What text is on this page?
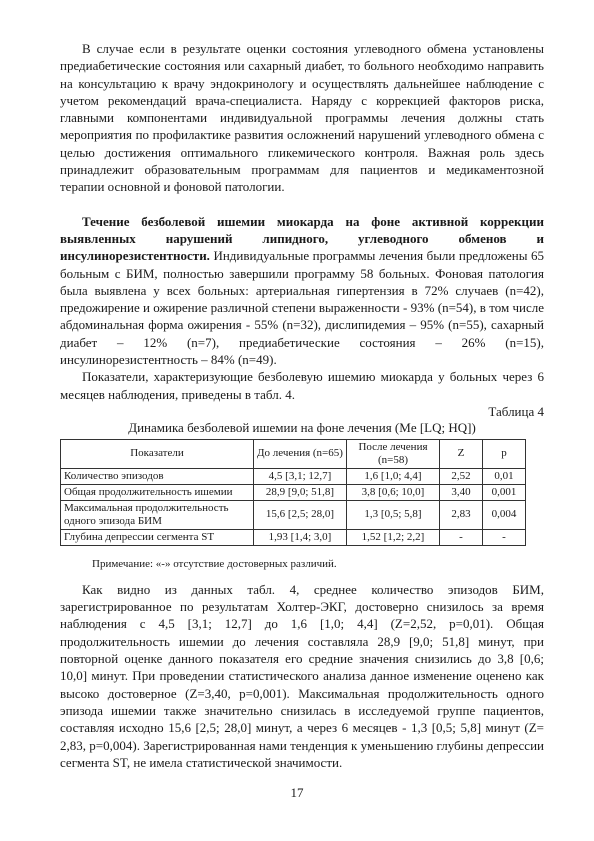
В случае если в результате оценки состояния углеводного обмена установлены предиабетические состояния или сахарный диабет, то больного необходимо направить на консультацию к врачу эндокринологу и осуществлять дальнейшее наблюдение с учетом рекомендаций врача-специалиста. Наряду с коррекцией факторов риска, главными компонентами индивидуальной программы лечения должны стать мероприятия по профилактике развития осложнений нарушений углеводного обмена с целью достижения оптимального гликемического контроля. Важная роль здесь принадлежит образовательным программам для пациентов и медикаментозной терапии основной и фоновой патологии.

Течение безболевой ишемии миокарда на фоне активной коррекции выявленных нарушений липидного, углеводного обменов и инсулинорезистентности. Индивидуальные программы лечения были предложены 65 больным с БИМ, полностью завершили программу 58 больных. Фоновая патология была выявлена у всех больных: артериальная гипертензия в 72% случаев (n=42), предожирение и ожирение различной степени выраженности - 93% (n=54), в том числе абдоминальная форма ожирения - 55% (n=32), дислипидемия – 95% (n=55), сахарный диабет – 12% (n=7), предиабетические состояния – 26% (n=15), инсулинорезистентность – 84% (n=49).

Показатели, характеризующие безболевую ишемию миокарда у больных через 6 месяцев наблюдения, приведены в табл. 4.

Таблица 4

Динамика безболевой ишемии на фоне лечения (Me [LQ; HQ])

Показатели	До лечения (n=65)	После лечения (n=58)	Z	p
Количество эпизодов	4,5 [3,1; 12,7]	1,6 [1,0; 4,4]	2,52	0,01
Общая продолжительность ишемии	28,9 [9,0; 51,8]	3,8 [0,6; 10,0]	3,40	0,001
Максимальная продолжительность одного эпизода БИМ	15,6 [2,5; 28,0]	1,3 [0,5; 5,8]	2,83	0,004
Глубина депрессии сегмента ST	1,93 [1,4; 3,0]	1,52 [1,2; 2,2]	-	-

Примечание: «-» отсутствие достоверных различий.

Как видно из данных табл. 4, среднее количество эпизодов БИМ, зарегистрированное по результатам Холтер-ЭКГ, достоверно снизилось за время наблюдения с 4,5 [3,1; 12,7] до 1,6 [1,0; 4,4] (Z=2,52, p=0,01). Общая продолжительность ишемии до лечения составляла 28,9 [9,0; 51,8] минут, при повторной оценке данного показателя его средние значения снизились до 3,8 [0,6; 10,0] минут. При проведении статистического анализа данное изменение оценено как высоко достоверное (Z=3,40, p=0,001). Максимальная продолжительность одного эпизода ишемии также значительно снизилась в исследуемой группе пациентов, составляя исходно 15,6 [2,5; 28,0] минут, а через 6 месяцев - 1,3 [0,5; 5,8] минут (Z= 2,83, p=0,004). Зарегистрированная нами тенденция к уменьшению глубины депрессии сегмента ST, не имела статистической значимости.

17
